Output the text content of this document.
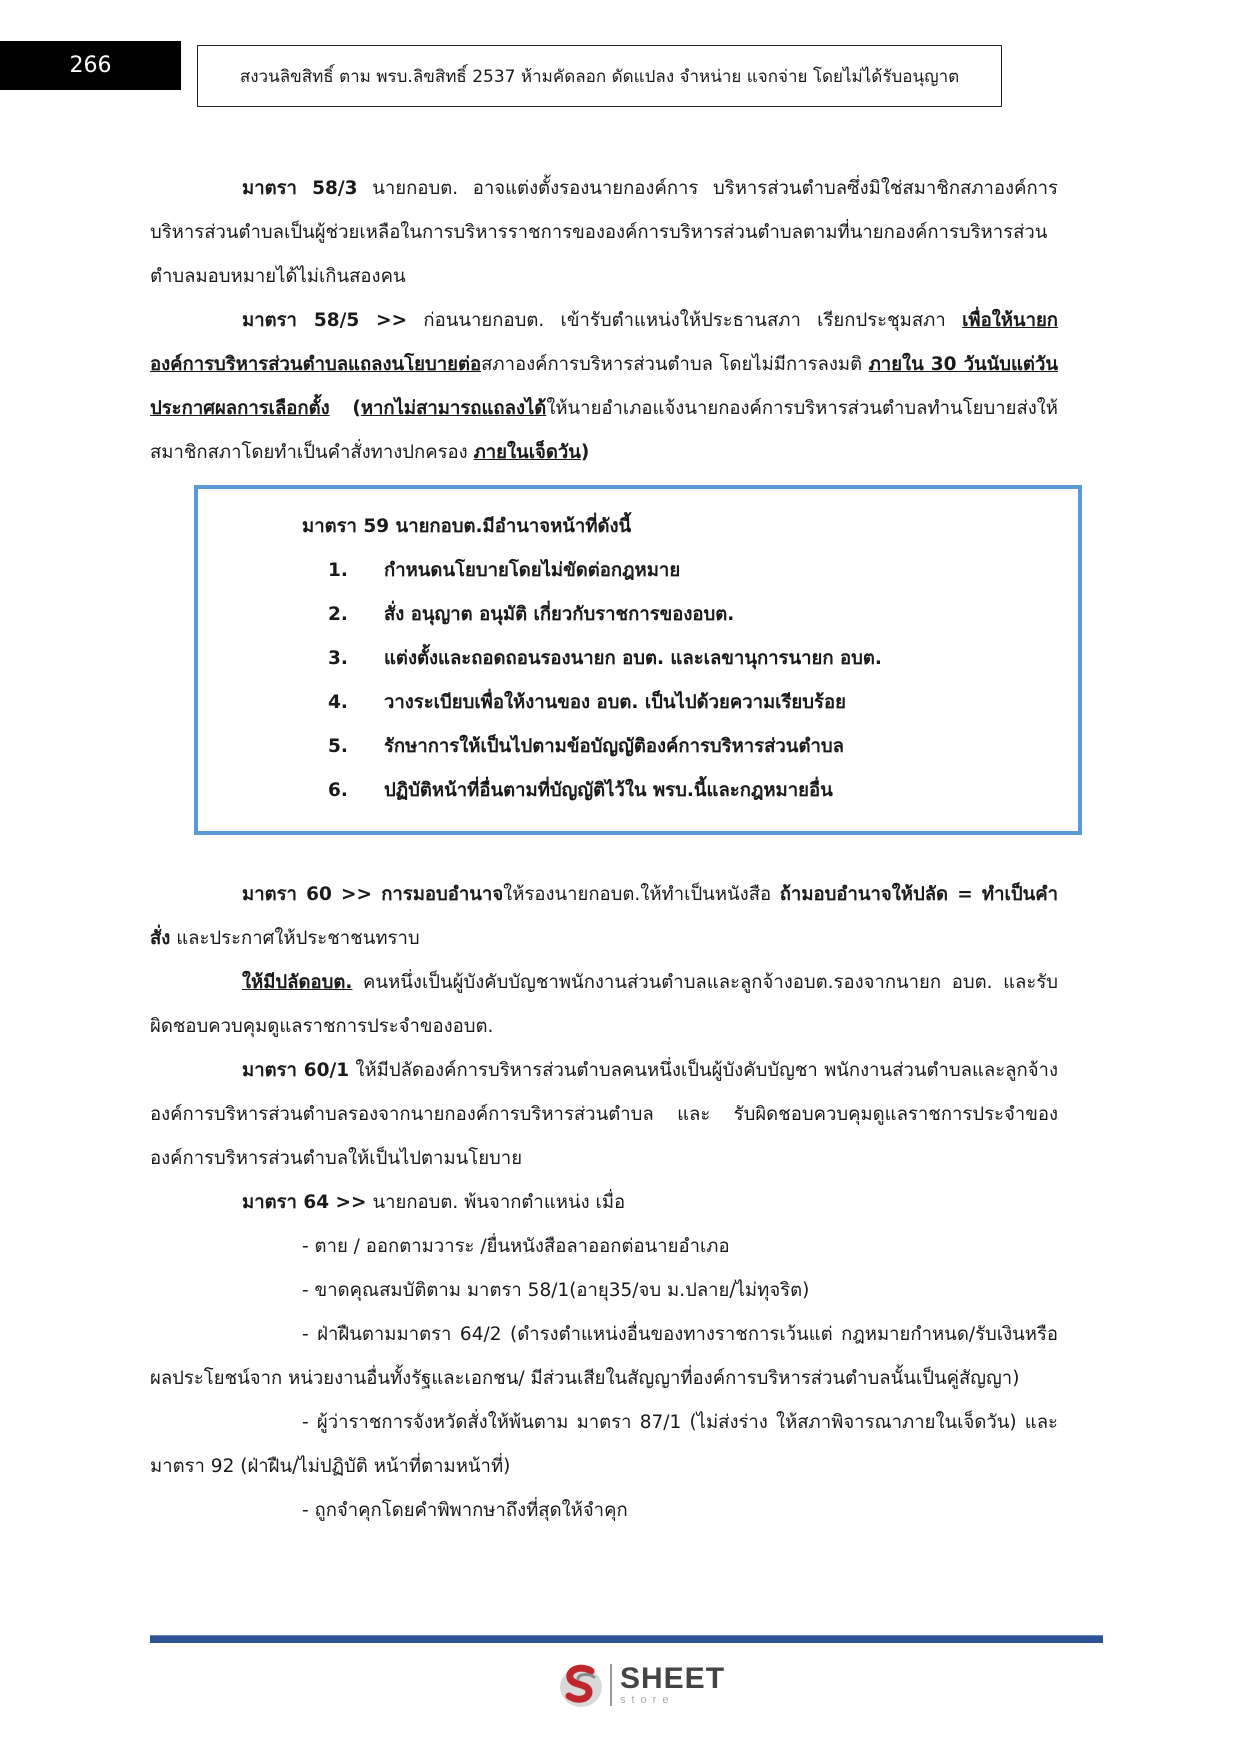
266	สงวนลิขสิทธิ์ ตาม พรบ.ลิขสิทธิ์ 2537 ห้ามคัดลอก ดัดแปลง จำหน่าย แจกจ่าย โดยไม่ได้รับอนุญาต

มาตรา 58/3 นายกอบต. อาจแต่งตั้งรองนายกองค์การ บริหารส่วนตำบลซึ่งมิใช่สมาชิกสภาองค์การบริหารส่วนตำบลเป็นผู้ช่วยเหลือในการบริหารราชการขององค์การบริหารส่วนตำบลตามที่นายกองค์การบริหารส่วนตำบลมอบหมายได้ไม่เกินสองคน

มาตรา 58/5 >> ก่อนนายกอบต. เข้ารับตำแหน่งให้ประธานสภา เรียกประชุมสภา เพื่อให้นายกองค์การบริหารส่วนตำบลแถลงนโยบายต่อสภาองค์การบริหารส่วนตำบล โดยไม่มีการลงมติ ภายใน 30 วันนับแต่วันประกาศผลการเลือกตั้ง (หากไม่สามารถแถลงได้ให้นายอำเภอแจ้งนายกองค์การบริหารส่วนตำบลทำนโยบายส่งให้สมาชิกสภาโดยทำเป็นคำสั่งทางปกครอง ภายในเจ็ดวัน)

มาตรา 59 นายกอบต.มีอำนาจหน้าที่ดังนี้

1.	กำหนดนโยบายโดยไม่ขัดต่อกฎหมาย
2.	สั่ง อนุญาต อนุมัติ เกี่ยวกับราชการของอบต.
3.	แต่งตั้งและถอดถอนรองนายก อบต. และเลขานุการนายก อบต.
4.	วางระเบียบเพื่อให้งานของ อบต. เป็นไปด้วยความเรียบร้อย
5.	รักษาการให้เป็นไปตามข้อบัญญัติองค์การบริหารส่วนตำบล
6.	ปฏิบัติหน้าที่อื่นตามที่บัญญัติไว้ใน พรบ.นี้และกฎหมายอื่น

มาตรา 60 >> การมอบอำนาจให้รองนายกอบต.ให้ทำเป็นหนังสือ ถ้ามอบอำนาจให้ปลัด = ทำเป็นคำสั่ง และประกาศให้ประชาชนทราบ

ให้มีปลัดอบต. คนหนึ่งเป็นผู้บังคับบัญชาพนักงานส่วนตำบลและลูกจ้างอบต.รองจากนายก อบต. และรับผิดชอบควบคุมดูแลราชการประจำของอบต.

มาตรา 60/1 ให้มีปลัดองค์การบริหารส่วนตำบลคนหนึ่งเป็นผู้บังคับบัญชา พนักงานส่วนตำบลและลูกจ้างองค์การบริหารส่วนตำบลรองจากนายกองค์การบริหารส่วนตำบล และ รับผิดชอบควบคุมดูแลราชการประจำขององค์การบริหารส่วนตำบลให้เป็นไปตามนโยบาย

มาตรา 64 >> นายกอบต. พ้นจากตำแหน่ง เมื่อ

- ตาย / ออกตามวาระ /ยื่นหนังสือลาออกต่อนายอำเภอ

- ขาดคุณสมบัติตาม มาตรา 58/1(อายุ35/จบ ม.ปลาย/ไม่ทุจริต)

- ฝ่าฝืนตามมาตรา 64/2 (ดำรงตำแหน่งอื่นของทางราชการเว้นแต่ กฎหมายกำหนด/รับเงินหรือผลประโยชน์จาก หน่วยงานอื่นทั้งรัฐและเอกชน/ มีส่วนเสียในสัญญาที่องค์การบริหารส่วนตำบลนั้นเป็นคู่สัญญา)

- ผู้ว่าราชการจังหวัดสั่งให้พ้นตาม มาตรา 87/1 (ไม่ส่งร่าง ให้สภาพิจารณาภายในเจ็ดวัน) และมาตรา 92 (ฝ่าฝืน/ไม่ปฏิบัติ หน้าที่ตามหน้าที่)

- ถูกจำคุกโดยคำพิพากษาถึงที่สุดให้จำคุก

SHEET
store
